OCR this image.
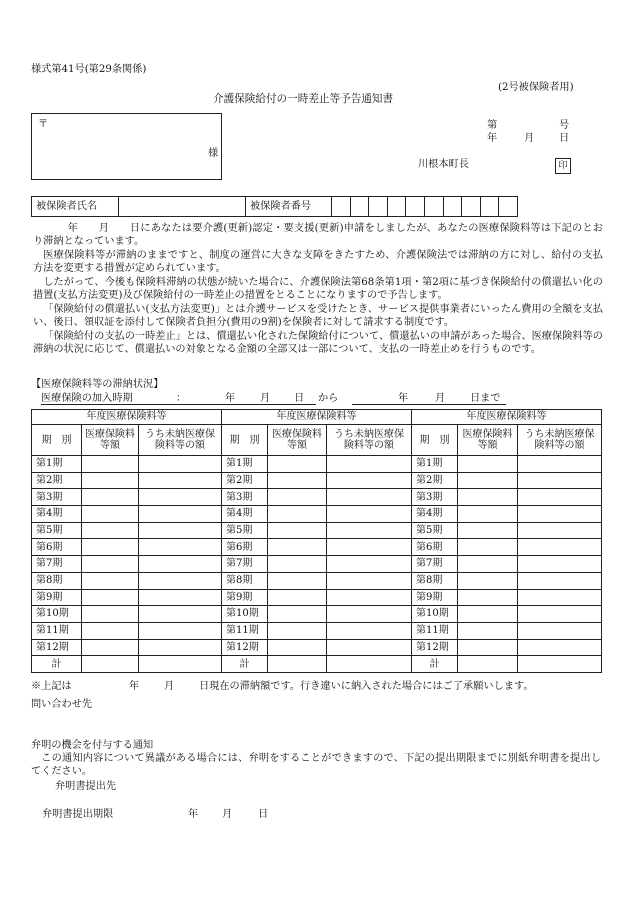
様式第41号(第29条関係)
(2号被保険者用)
介護保険給付の一時差止等予告通知書
〒
様
第	号
年	月 日
川根本町長	印
被保険者氏名	被保険者番号

年　　月　　日にあなたは要介護(更新)認定・要支援(更新)申請をしましたが、あなたの医療保険料等は下記のとおり滞納となっています。

医療保険料等が滞納のままですと、制度の運営に大きな支障をきたすため、介護保険法では滞納の方に対し、給付の支払方法を変更する措置が定められています。

したがって、今後も保険料滞納の状態が続いた場合に、介護保険法第68条第1項・第2項に基づき保険給付の償還払い化の措置(支払方法変更)及び保険給付の一時差止の措置をとることになりますので予告します。

「保険給付の償還払い(支払方法変更)」とは介護サービスを受けたとき、サービス提供事業者にいったん費用の全額を支払い、後日、領収証を添付して保険者負担分(費用の9割)を保険者に対して請求する制度です。

「保険給付の支払の一時差止」とは、償還払い化された保険給付について、償還払いの申請があった場合、医療保険料等の滞納の状況に応じて、償還払いの対象となる金額の全部又は一部について、支払の一時差止めを行うものです。

【医療保険料等の滞納状況】
医療保険の加入時期	：	年 月 日 から	年	月 日まで
年度医療保険料等			年度医療保険料等			年度医療保険料等		
期　別	医療保険料等額	うち未納医療保険料等の額	期　別	医療保険料等額	うち未納医療保険料等の額	期　別	医療保険料等額	うち未納医療保険料等の額
第1期			第1期			第1期		
第2期			第2期			第2期		
第3期			第3期			第3期		
第4期			第4期			第4期		
第5期			第5期			第5期		
第6期			第6期			第6期		
第7期			第7期			第7期		
第8期			第8期			第8期		
第9期			第9期			第9期		
第10期			第10期			第10期		
第11期			第11期			第11期		
第12期			第12期			第12期		
計			計			計		
※上記は	年 月 日現在の滞納額です。行き違いに納入された場合にはご了承願いします。
問い合わせ先
弁明の機会を付与する通知
この通知内容について異議がある場合には、弁明をすることができますので、下記の提出期限までに別紙弁明書を提出してください。
弁明書提出先
弁明書提出期限	年 月	日
